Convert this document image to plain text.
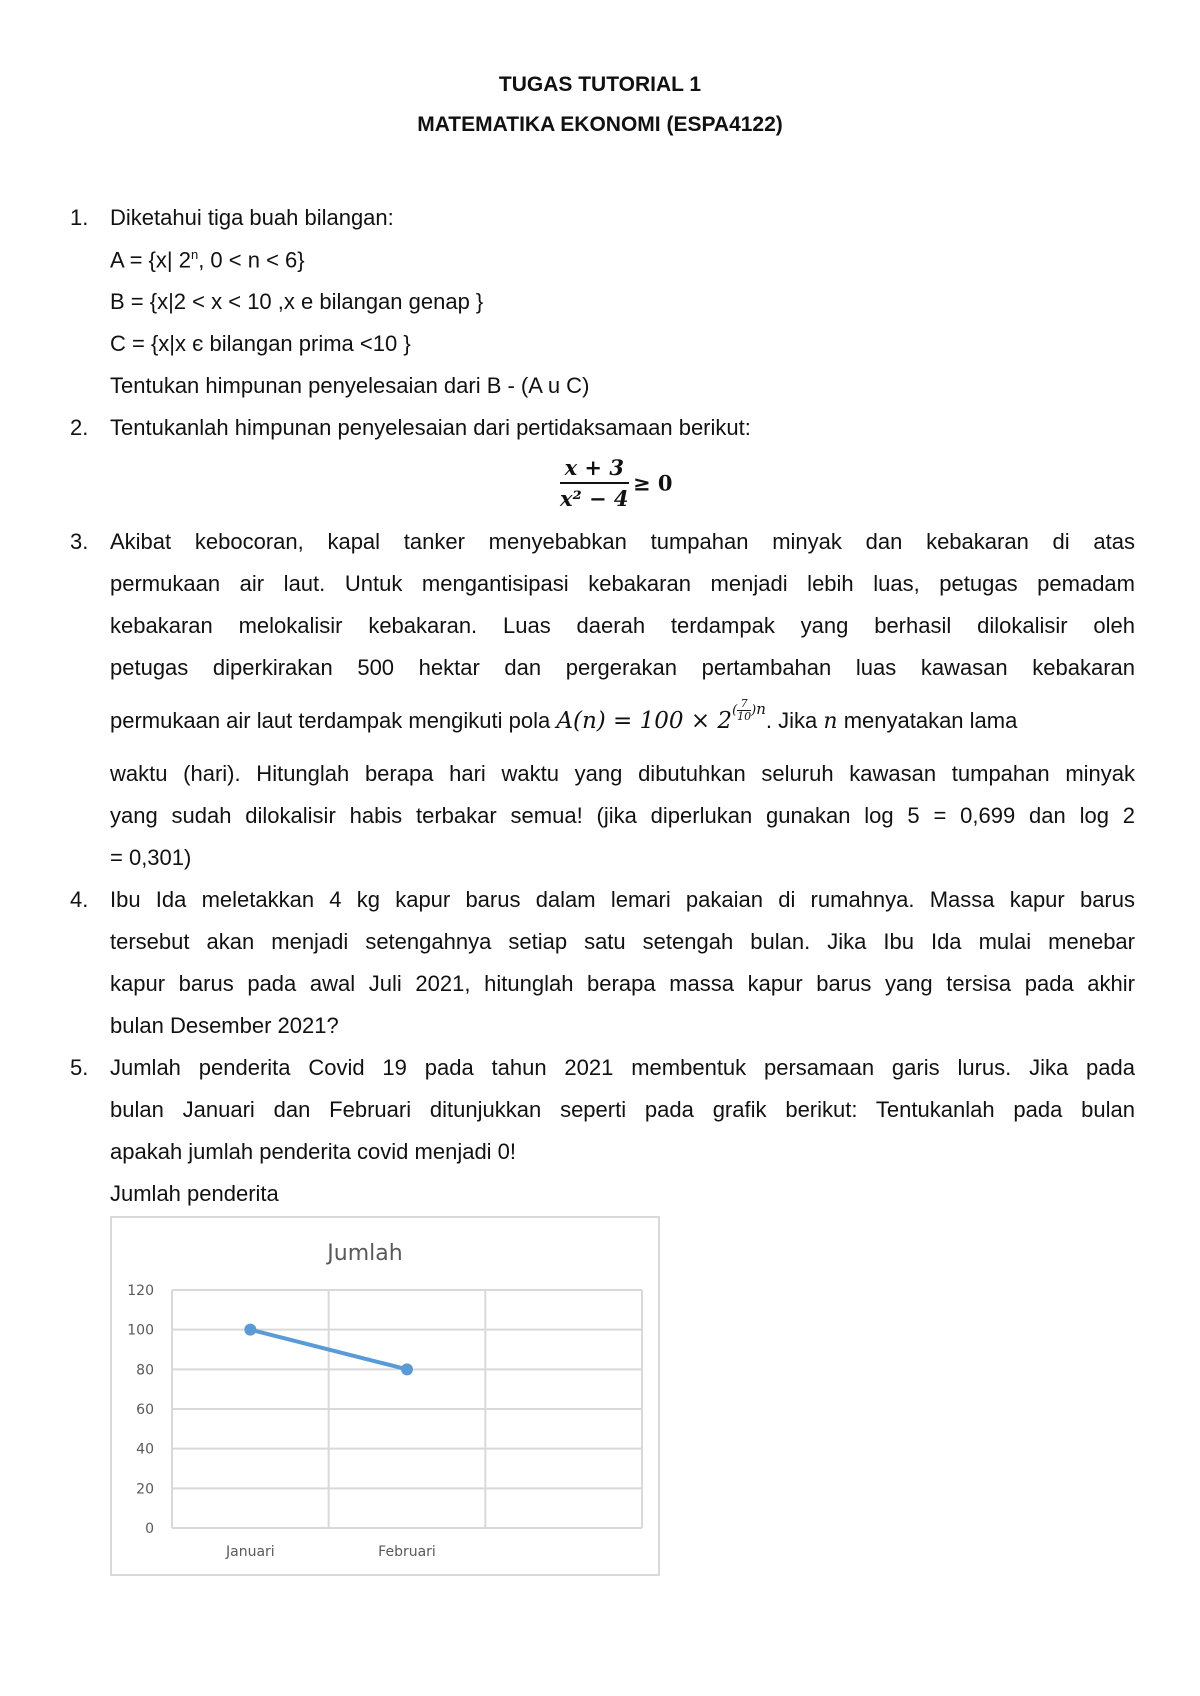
TUGAS TUTORIAL 1
MATEMATIKA EKONOMI (ESPA4122)
1. Diketahui tiga buah bilangan:
A = {x| 2$^n$, 0 < n < 6}
B = {x|2 < x < 10 ,x e bilangan genap }
C = {x|x є bilangan prima <10 }
Tentukan himpunan penyelesaian dari B - (A u C)
2. Tentukanlah himpunan penyelesaian dari pertidaksamaan berikut:
$\frac{x + 3}{\text{x² − 4}} \ge 0$
3. Akibat kebocoran, kapal tanker menyebabkan tumpahan minyak dan kebakaran di atas
permukaan air laut. Untuk mengantisipasi kebakaran menjadi lebih luas, petugas pemadam
kebakaran melokalisir kebakaran. Luas daerah terdampak yang berhasil dilokalisir oleh
petugas diperkirakan 500 hektar dan pergerakan pertambahan luas kawasan kebakaran
permukaan air laut terdampak mengikuti pola $A(n) = 100 \times 2( \frac{7}{10} )n$. Jika n menyatakan lama
waktu (hari). Hitunglah berapa hari waktu yang dibutuhkan seluruh kawasan tumpahan minyak
yang sudah dilokalisir habis terbakar semua! (jika diperlukan gunakan log 5 = 0,699 dan log 2
= 0,301)
4. Ibu Ida meletakkan 4 kg kapur barus dalam lemari pakaian di rumahnya. Massa kapur barus
tersebut akan menjadi setengahnya setiap satu setengah bulan. Jika Ibu Ida mulai menebar
kapur barus pada awal Juli 2021, hitunglah berapa massa kapur barus yang tersisa pada akhir
bulan Desember 2021?
5. Jumlah penderita Covid 19 pada tahun 2021 membentuk persamaan garis lurus. Jika pada
bulan Januari dan Februari ditunjukkan seperti pada grafik berikut: Tentukanlah pada bulan
apakah jumlah penderita covid menjadi 0!
Jumlah penderita
Jumlah
0
20
40
60
80
100
120
Januari	Februari
